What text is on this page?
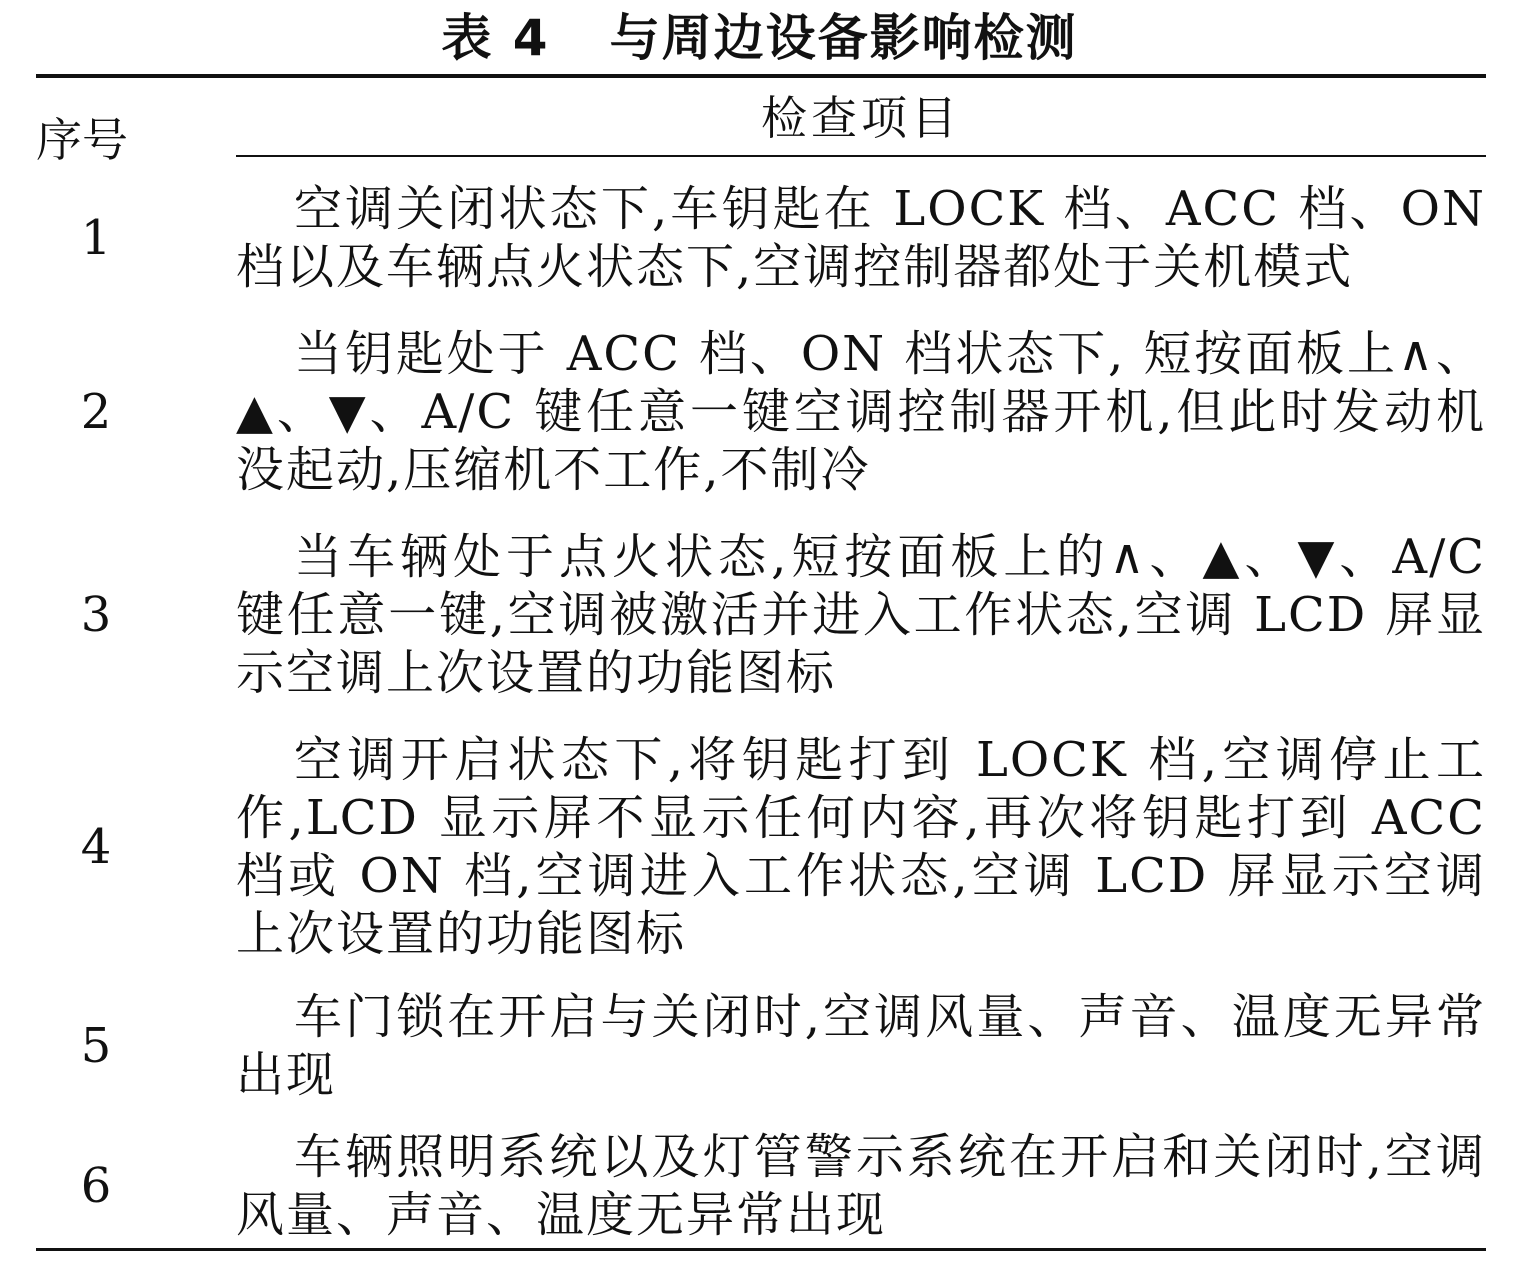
表 4 与周边设备影响检测
检查项目
序号
1
空调关闭状态下,车钥匙在 LOCK 档、ACC 档、ON 档以及车辆点火状态下,空调控制器都处于关机模式
2
当钥匙处于 ACC 档、ON 档状态下, 短按面板上∧、▲、▼、A/C 键任意一键空调控制器开机,但此时发动机没起动,压缩机不工作,不制冷
3
当车辆处于点火状态,短按面板上的∧、▲、▼、A/C 键任意一键,空调被激活并进入工作状态,空调 LCD 屏显示空调上次设置的功能图标
4
空调开启状态下,将钥匙打到 LOCK 档,空调停止工作,LCD 显示屏不显示任何内容,再次将钥匙打到 ACC 档或 ON 档,空调进入工作状态,空调 LCD 屏显示空调上次设置的功能图标
5
车门锁在开启与关闭时,空调风量、声音、温度无异常出现
6
车辆照明系统以及灯管警示系统在开启和关闭时,空调风量、声音、温度无异常出现
